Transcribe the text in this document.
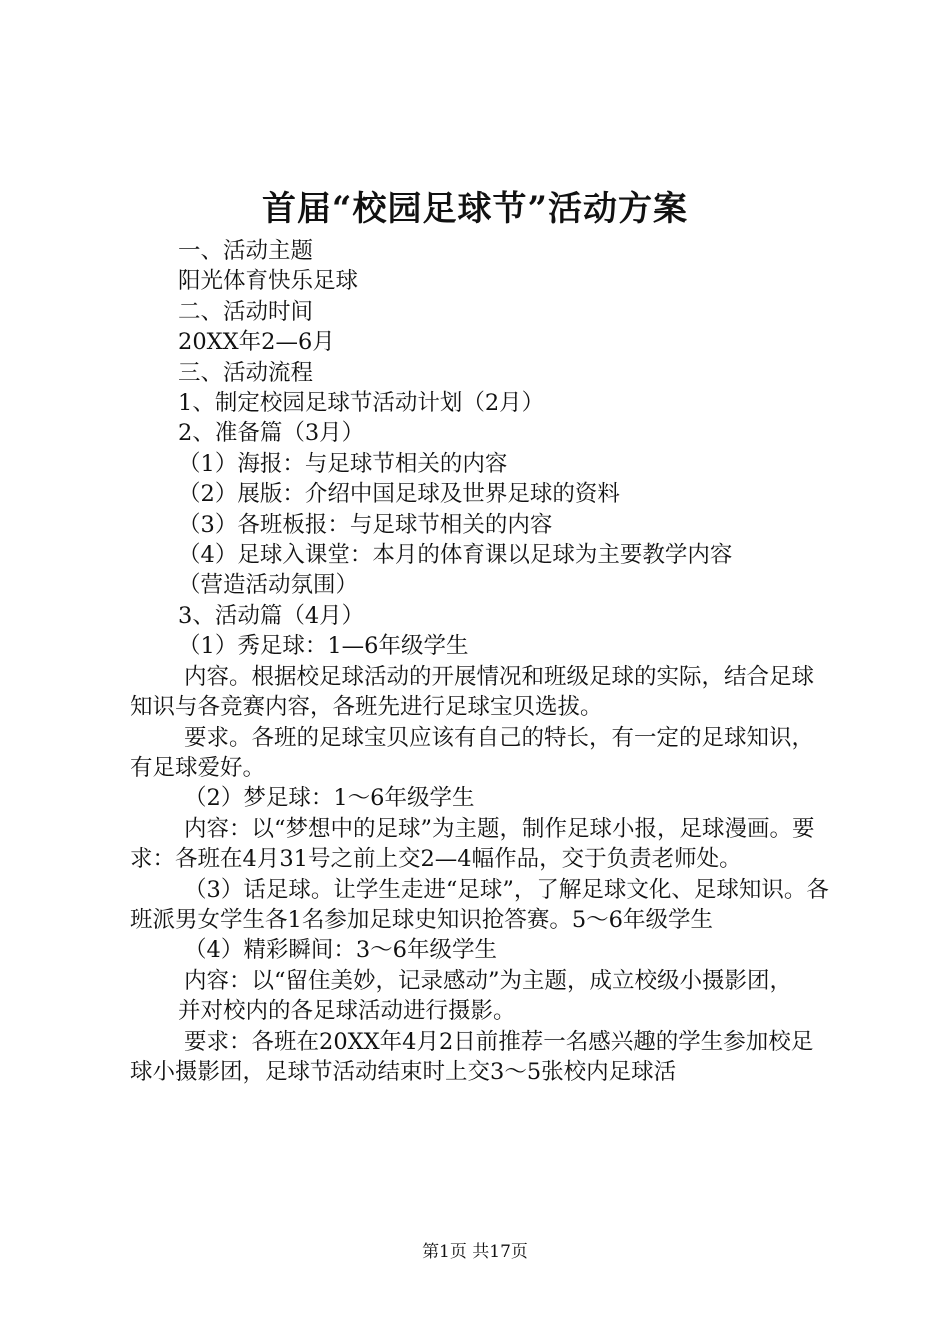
首届“校园足球节”活动方案

一、活动主题

阳光体育快乐足球

二、活动时间

20XX年2—6月

三、活动流程

1、制定校园足球节活动计划（2月）

2、准备篇（3月）

（1）海报：与足球节相关的内容

（2）展版：介绍中国足球及世界足球的资料

（3）各班板报：与足球节相关的内容

（4）足球入课堂：本月的体育课以足球为主要教学内容

（营造活动氛围）

3、活动篇（4月）

（1）秀足球：1—6年级学生

内容。根据校足球活动的开展情况和班级足球的实际，结合足球知识与各竞赛内容，各班先进行足球宝贝选拔。

要求。各班的足球宝贝应该有自己的特长，有一定的足球知识，有足球爱好。

（2）梦足球：1～6年级学生

内容：以“梦想中的足球”为主题，制作足球小报，足球漫画。要求：各班在4月31号之前上交2—4幅作品，交于负责老师处。

（3）话足球。让学生走进“足球”，了解足球文化、足球知识。各班派男女学生各1名参加足球史知识抢答赛。5～6年级学生

（4）精彩瞬间：3～6年级学生

内容：以“留住美妙，记录感动”为主题，成立校级小摄影团，

并对校内的各足球活动进行摄影。

要求：各班在20XX年4月2日前推荐一名感兴趣的学生参加校足球小摄影团，足球节活动结束时上交3～5张校内足球活

第1页 共17页
